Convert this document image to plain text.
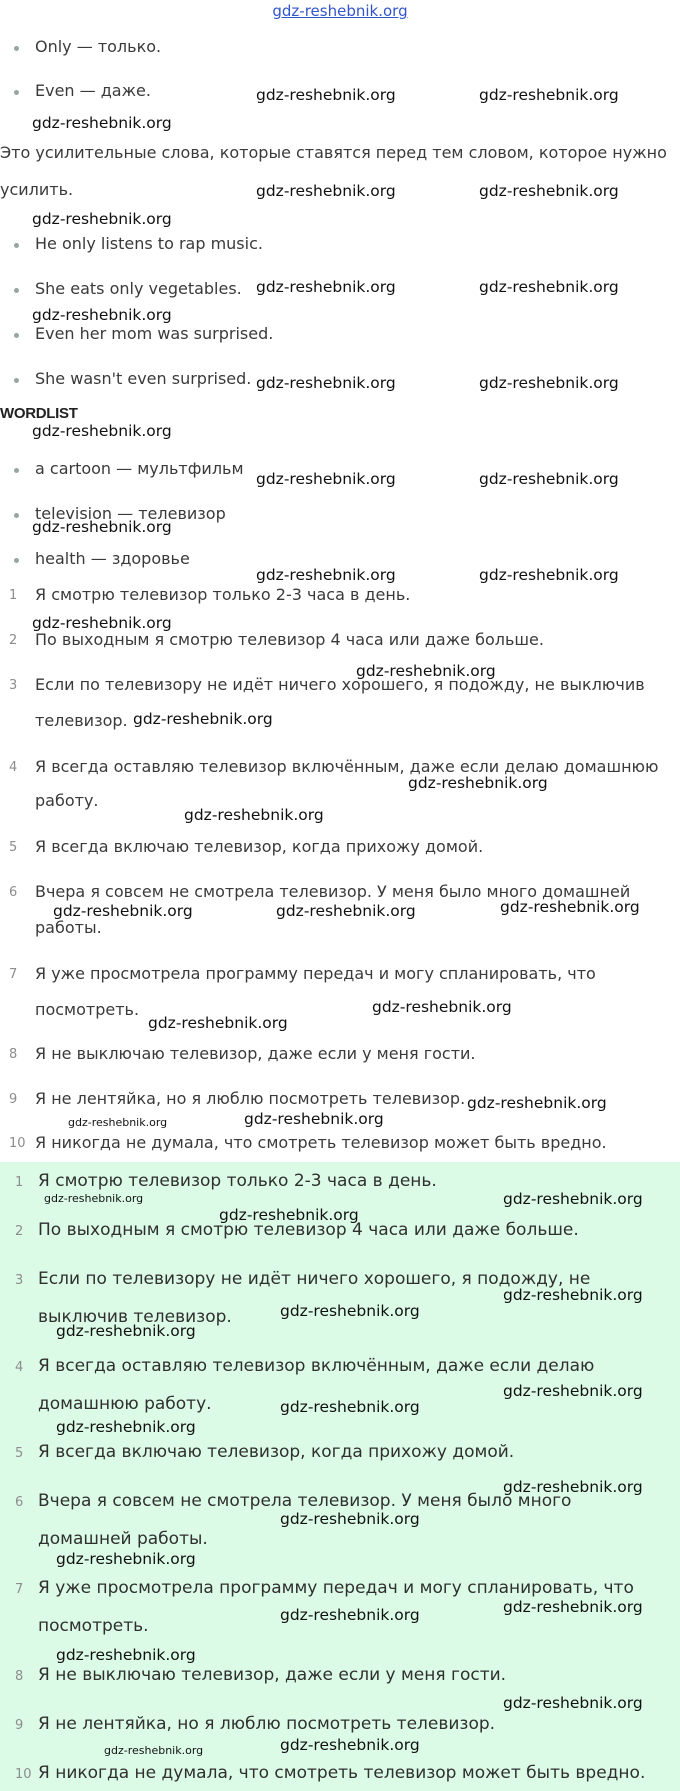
gdz-reshebnik.org
Only — только.
Even — даже.
Это усилительные слова, которые ставятся перед тем словом, которое нужно
усилить.
He only listens to rap music.
She eats only vegetables.
Even her mom was surprised.
She wasn't even surprised.
WORDLIST
a cartoon — мультфильм
television — телевизор
health — здоровье
1 Я смотрю телевизор только 2-3 часа в день.
2 По выходным я смотрю телевизор 4 часа или даже больше.
3 Если по телевизору не идёт ничего хорошего, я подожду, не выключив
телевизор.
4 Я всегда оставляю телевизор включённым, даже если делаю домашнюю
работу.
5 Я всегда включаю телевизор, когда прихожу домой.
6 Вчера я совсем не смотрела телевизор. У меня было много домашней
работы.
7 Я уже просмотрела программу передач и могу спланировать, что
посмотреть.
8 Я не выключаю телевизор, даже если у меня гости.
9 Я не лентяйка, но я люблю посмотреть телевизор.
10 Я никогда не думала, что смотреть телевизор может быть вредно.
1 Я смотрю телевизор только 2-3 часа в день.
2 По выходным я смотрю телевизор 4 часа или даже больше.
3 Если по телевизору не идёт ничего хорошего, я подожду, не
выключив телевизор.
4 Я всегда оставляю телевизор включённым, даже если делаю
домашнюю работу.
5 Я всегда включаю телевизор, когда прихожу домой.
6 Вчера я совсем не смотрела телевизор. У меня было много
домашней работы.
7 Я уже просмотрела программу передач и могу спланировать, что
посмотреть.
8 Я не выключаю телевизор, даже если у меня гости.
9 Я не лентяйка, но я люблю посмотреть телевизор.
10 Я никогда не думала, что смотреть телевизор может быть вредно.
gdz-reshebnik.org	gdz-reshebnik.org
gdz-reshebnik.org
gdz-reshebnik.org	gdz-reshebnik.org
gdz-reshebnik.org
gdz-reshebnik.org	gdz-reshebnik.org
gdz-reshebnik.org
gdz-reshebnik.org	gdz-reshebnik.org
gdz-reshebnik.org
gdz-reshebnik.org	gdz-reshebnik.org
gdz-reshebnik.org
gdz-reshebnik.org	gdz-reshebnik.org
gdz-reshebnik.org
gdz-reshebnik.org
gdz-reshebnik.org
gdz-reshebnik.org
gdz-reshebnik.org
gdz-reshebnik.org	gdz-reshebnik.org	gdz-reshebnik.org
gdz-reshebnik.org
gdz-reshebnik.org
gdz-reshebnik.org
gdz-reshebnik.org	gdz-reshebnik.org
gdz-reshebnik.org	gdz-reshebnik.org
gdz-reshebnik.org
gdz-reshebnik.org
gdz-reshebnik.org
gdz-reshebnik.org
gdz-reshebnik.org
gdz-reshebnik.org
gdz-reshebnik.org
gdz-reshebnik.org
gdz-reshebnik.org
gdz-reshebnik.org
gdz-reshebnik.org
gdz-reshebnik.org
gdz-reshebnik.org
gdz-reshebnik.org
gdz-reshebnik.org
gdz-reshebnik.org
